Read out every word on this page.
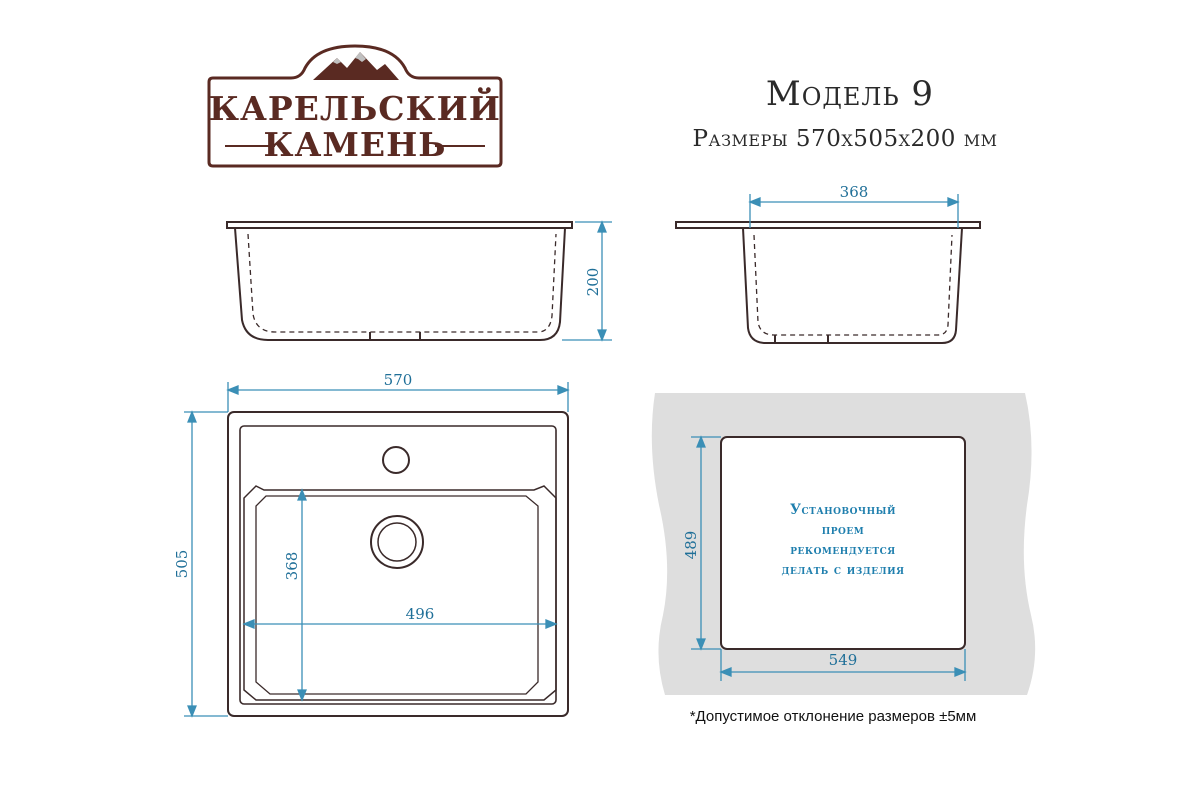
КАРЕЛЬСКИЙ
КАМЕНЬ
Модель 9
Размеры 570x505x200 мм
200
368
570
505	368
496
489
549
Установочный
проем
рекомендуется
делать с изделия
*Допустимое отклонение размеров ±5мм
